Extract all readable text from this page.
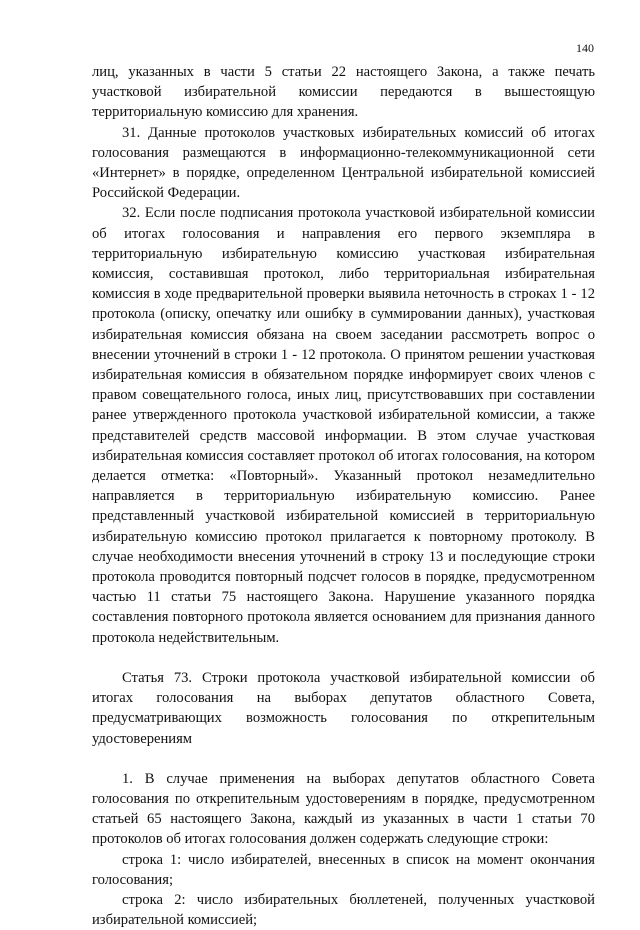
140

лиц, указанных в части 5 статьи 22 настоящего Закона, а также печать участковой избирательной комиссии передаются в вышестоящую территориальную комиссию для хранения.

31. Данные протоколов участковых избирательных комиссий об итогах голосования размещаются в информационно-телекоммуникационной сети «Интернет» в порядке, определенном Центральной избирательной комиссией Российской Федерации.

32. Если после подписания протокола участковой избирательной комиссии об итогах голосования и направления его первого экземпляра в территориальную избирательную комиссию участковая избирательная комиссия, составившая протокол, либо территориальная избирательная комиссия в ходе предварительной проверки выявила неточность в строках 1 - 12 протокола (описку, опечатку или ошибку в суммировании данных), участковая избирательная комиссия обязана на своем заседании рассмотреть вопрос о внесении уточнений в строки 1 - 12 протокола. О принятом решении участковая избирательная комиссия в обязательном порядке информирует своих членов с правом совещательного голоса, иных лиц, присутствовавших при составлении ранее утвержденного протокола участковой избирательной комиссии, а также представителей средств массовой информации. В этом случае участковая избирательная комиссия составляет протокол об итогах голосования, на котором делается отметка: «Повторный». Указанный протокол незамедлительно направляется в территориальную избирательную комиссию. Ранее представленный участковой избирательной комиссией в территориальную избирательную комиссию протокол прилагается к повторному протоколу. В случае необходимости внесения уточнений в строку 13 и последующие строки протокола проводится повторный подсчет голосов в порядке, предусмотренном частью 11 статьи 75 настоящего Закона. Нарушение указанного порядка составления повторного протокола является основанием для признания данного протокола недействительным.

Статья 73. Строки протокола участковой избирательной комиссии об итогах голосования на выборах депутатов областного Совета, предусматривающих возможность голосования по открепительным удостоверениям

1. В случае применения на выборах депутатов областного Совета голосования по открепительным удостоверениям в порядке, предусмотренном статьей 65 настоящего Закона, каждый из указанных в части 1 статьи 70 протоколов об итогах голосования должен содержать следующие строки:

строка 1: число избирателей, внесенных в список на момент окончания голосования;

строка 2: число избирательных бюллетеней, полученных участковой избирательной комиссией;
